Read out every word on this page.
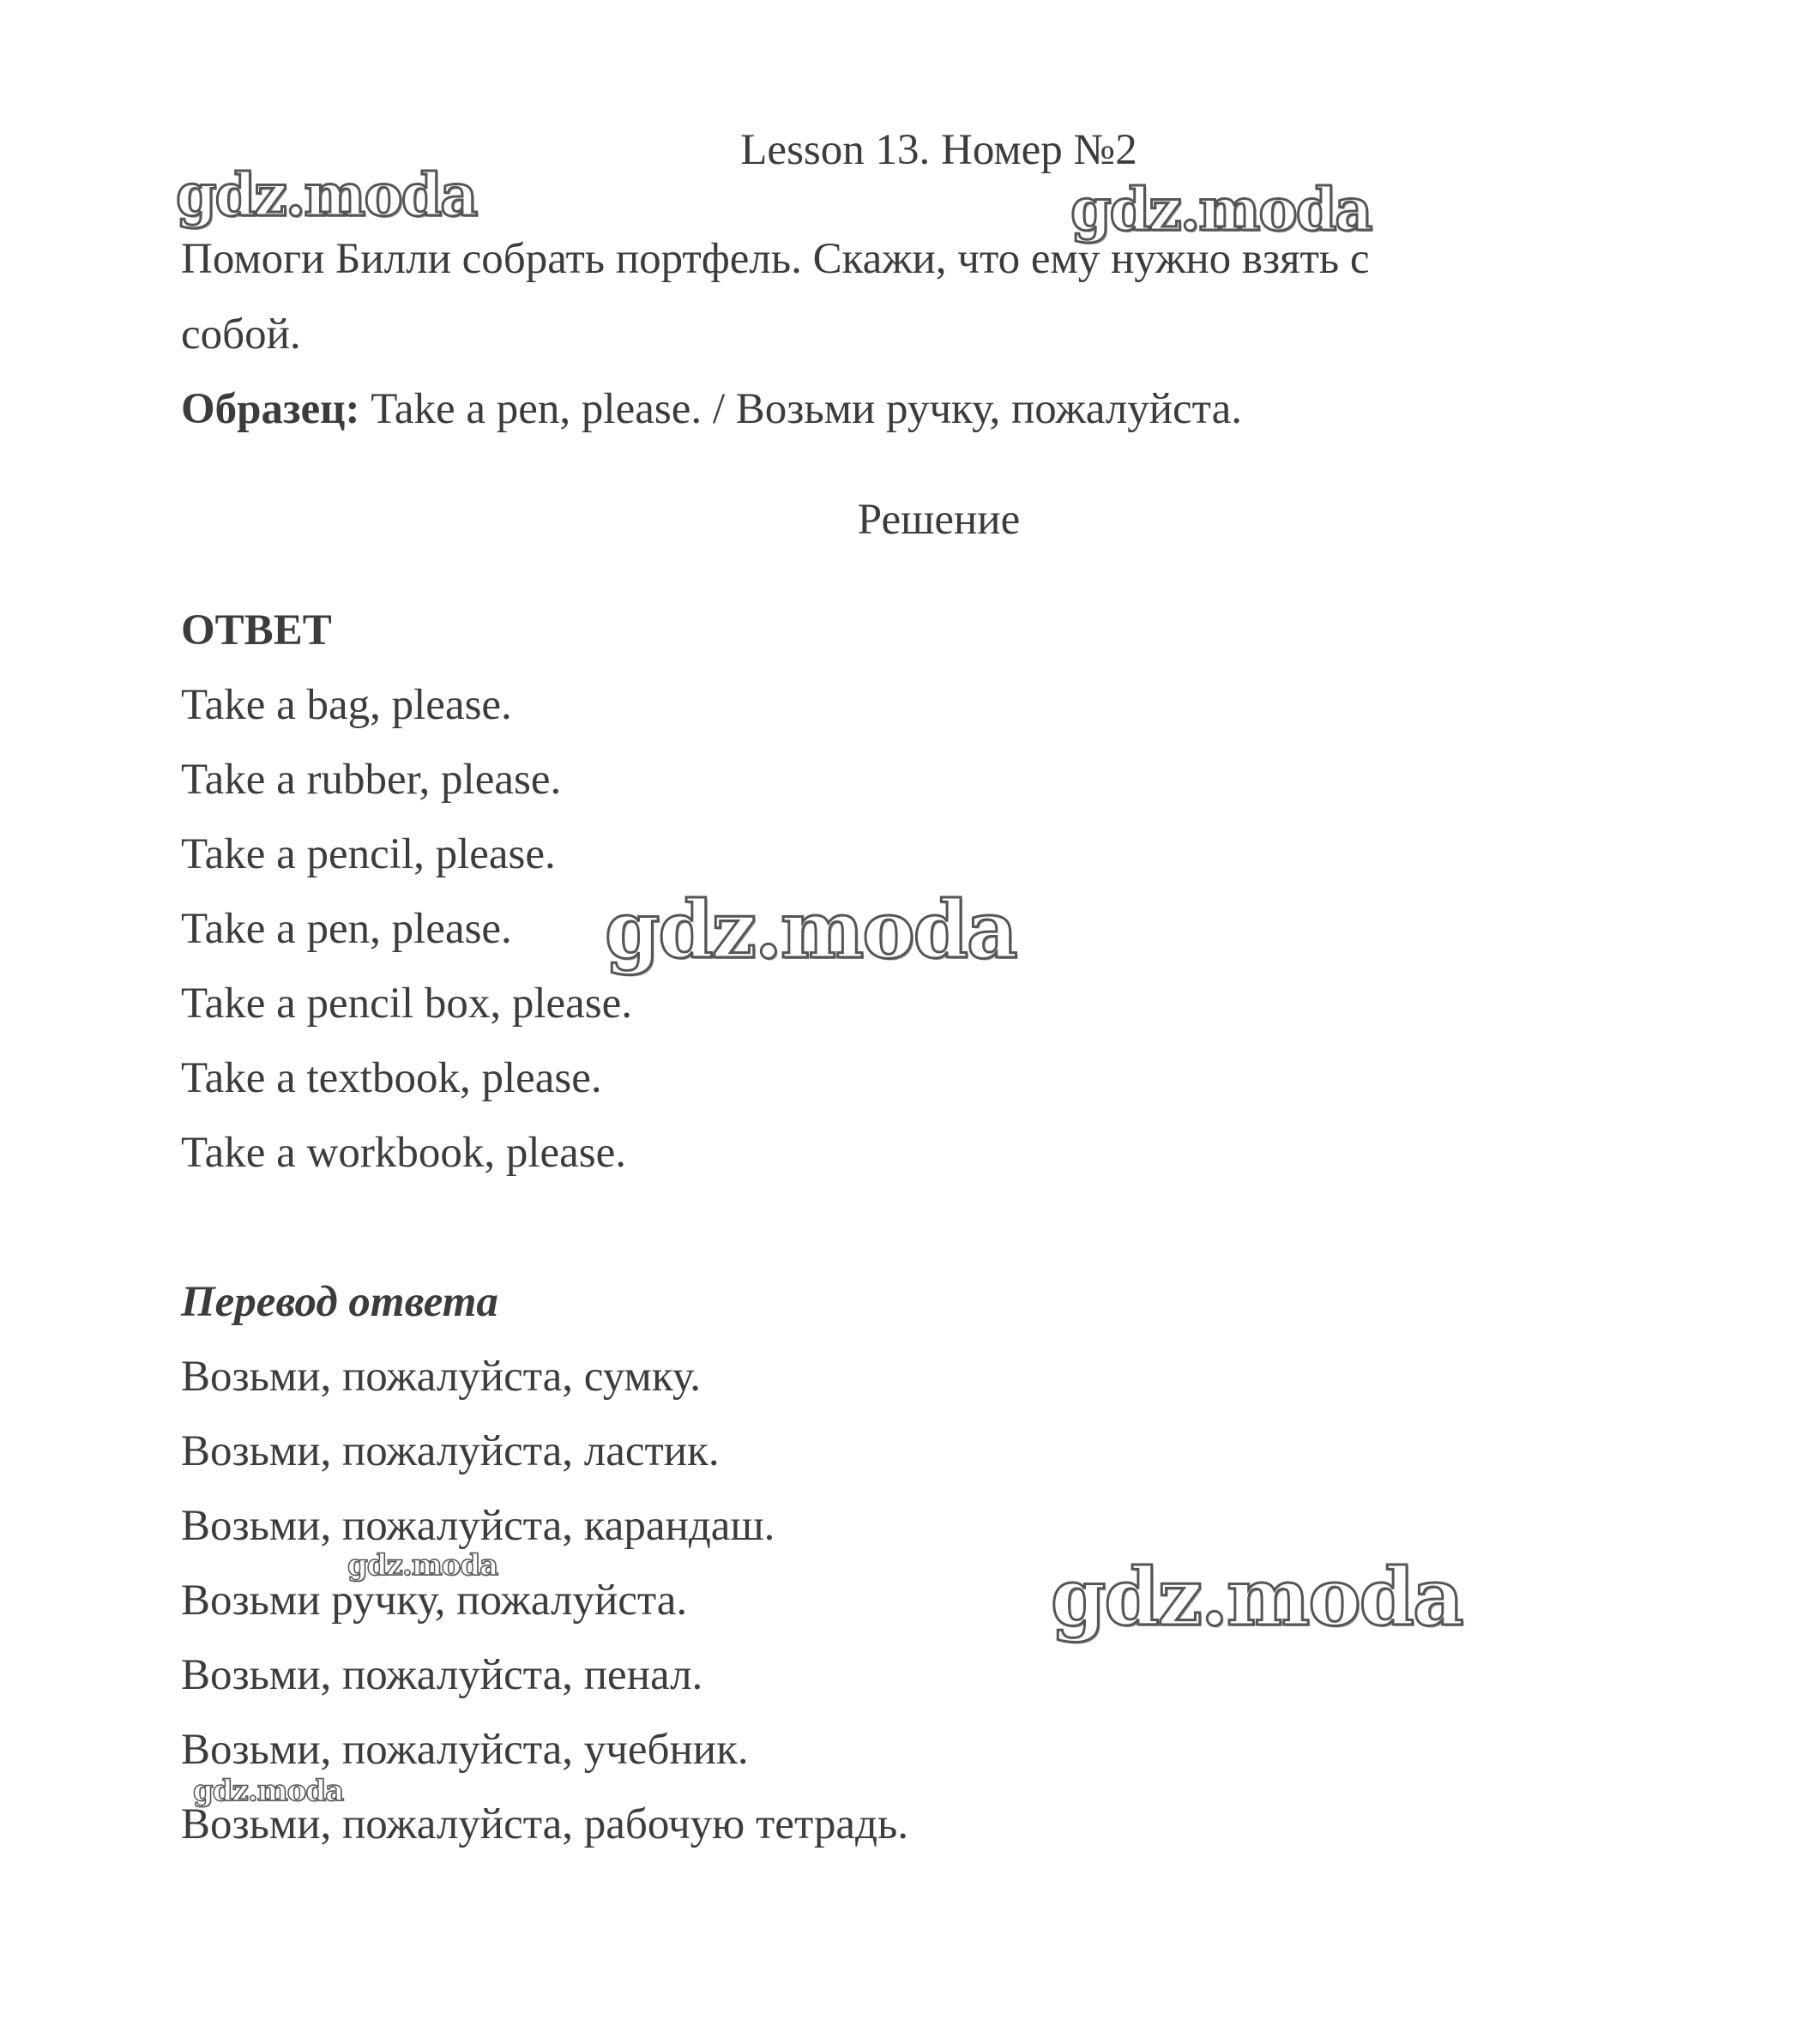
Lesson 13. Номер №2
Помоги Билли собрать портфель. Скажи, что ему нужно взять с
собой.
Образец: Take a pen, please. / Возьми ручку, пожалуйста.
Решение
ОТВЕТ
Take a bag, please.
Take a rubber, please.
Take a pencil, please.
Take a pen, please.
Take a pencil box, please.
Take a textbook, please.
Take a workbook, please.
Перевод ответа
Возьми, пожалуйста, сумку.
Возьми, пожалуйста, ластик.
Возьми, пожалуйста, карандаш.
Возьми ручку, пожалуйста.
Возьми, пожалуйста, пенал.
Возьми, пожалуйста, учебник.
Возьми, пожалуйста, рабочую тетрадь.
gdz.moda	gdz.moda
gdz.moda
gdz.moda
gdz.moda
gdz.moda
